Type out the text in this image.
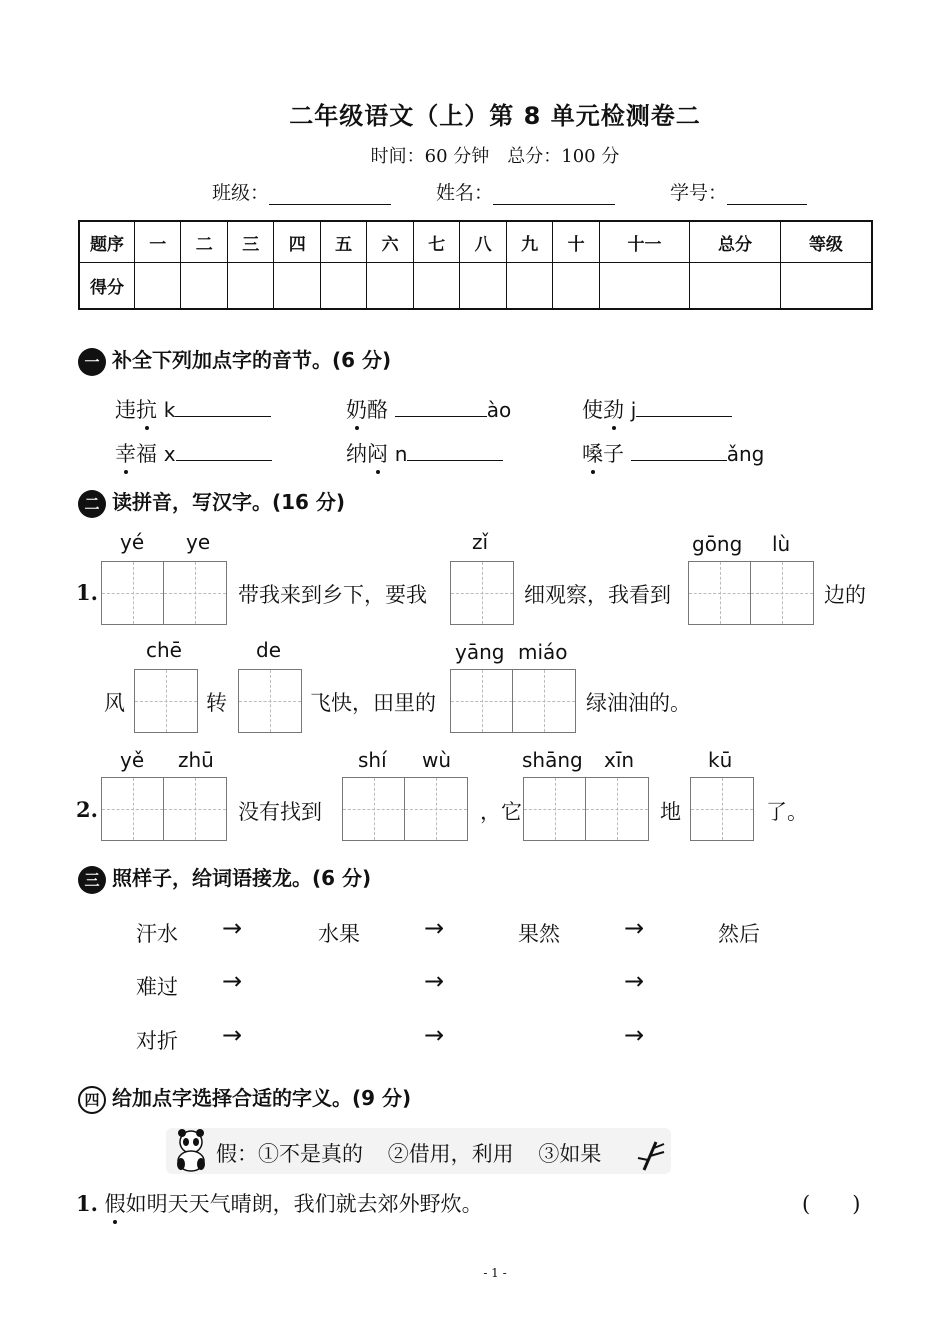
二年级语文（上）第 8 单元检测卷二
时间：60 分钟　总分：100 分
班级：	姓名：	学号：
题序	一	二	三	四	五	六	七	八	九	十	十一	总分	等级
得分													
一 补全下列加点字的音节。(6 分)
违抗 k	奶酪	ào	使劲 j
幸福 x	纳闷 n	嗓子	ǎng
二 读拼音，写汉字。(16 分)
yé ye	zǐ	gōng lù
1.	带我来到乡下，要我	细观察，我看到	边的
chē	de	yāng miáo
风	转	飞快，田里的	绿油油的。
yě zhū	shí wù	shāng xīn	kū
2.	没有找到	，它	地	了。
三 照样子，给词语接龙。(6 分)
汗水 →	水果	→	果然	→	然后
难过 →	→	→
对折 →	→	→
四 给加点字选择合适的字义。(9 分)
假：①不是真的 ②借用，利用 ③如果
1. 假如明天天气晴朗，我们就去郊外野炊。	(　　)
- 1 -
